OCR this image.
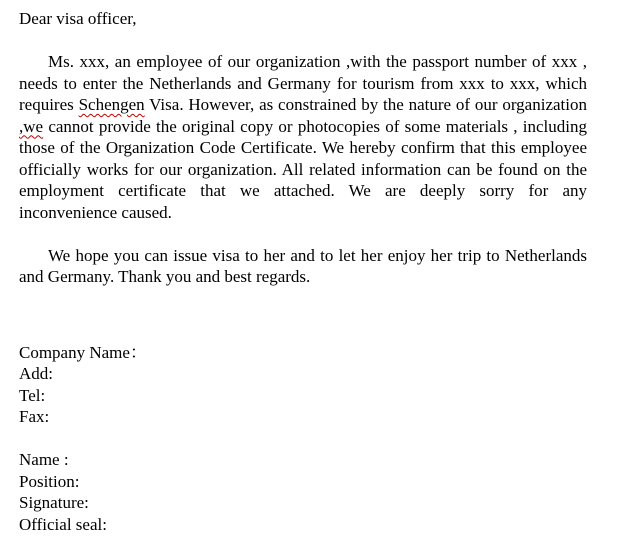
Dear visa officer,

Ms. xxx, an employee of our organization ,with the passport number of xxx , needs to enter the Netherlands and Germany for tourism from xxx to xxx, which requires Schengen Visa. However, as constrained by the nature of our organization ,we cannot provide the original copy or photocopies of some materials , including those of the Organization Code Certificate. We hereby confirm that this employee officially works for our organization. All related information can be found on the employment certificate that we attached. We are deeply sorry for any inconvenience caused.

We hope you can issue visa to her and to let her enjoy her trip to Netherlands and Germany. Thank you and best regards.

Company Name：
Add:
Tel:
Fax:
Name :
Position:
Signature:
Official seal:
